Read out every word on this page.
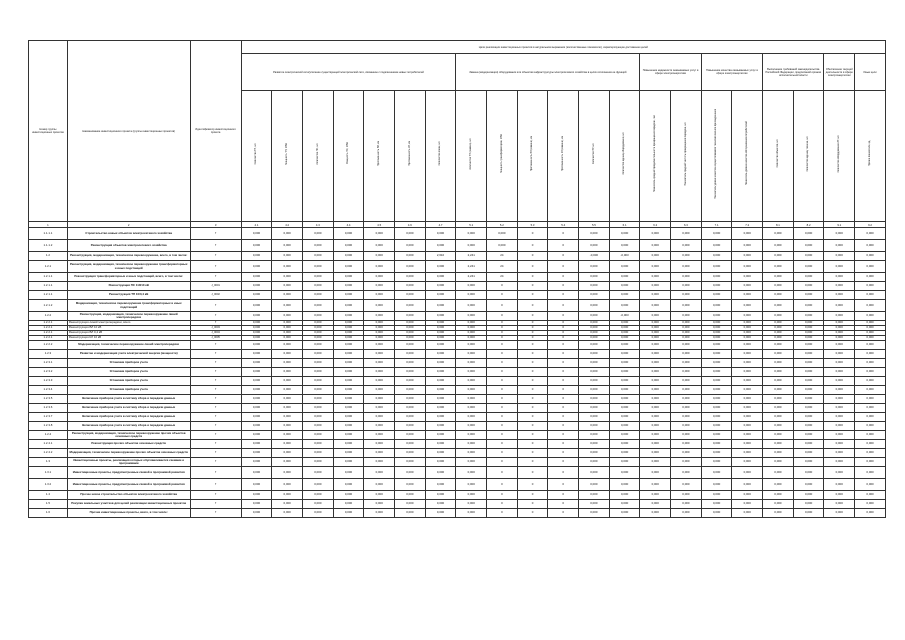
Номер группы инвестиционных проектов	Наименование инвестиционного проекта (группы инвестиционных проектов)	Идентификатор инвестиционного проекта	Цели реализации инвестиционных проектов в натуральном выражении (количественные показатели), характеризующие достижение целей																				
			Развитие электрической сети/усиление существующей электрической сети, связанное с подключением новых потребителей							Замена (модернизация) оборудования или объектов инфраструктуры электросетевого хозяйства в целях исполнения ее функций						Повышение надежности оказываемых услуг в сфере электроэнергетики		Повышение качества оказываемых услуг в сфере электроэнергетики		Выполнение требований законодательства Российской Федерации, предписаний органов исполнительной власти		Обеспечение текущей деятельности в сфере электроэнергетики	Иные цели
			Количество ТП, шт.	Мощность ТП, МВА	Количество ПС, шт.	Мощность ПС, МВА	Протяженность ВЛ, км	Протяженность КЛ, км	Количество ячеек, шт.	Количество ТП (замена), шт.	Мощность трансформаторов, МВА	Протяженность ВЛ (замена), км	Протяженность КЛ (замена), км	Количество ПУ, шт.	Количество единиц оборудования, шт.	Показатель средней продолжительности прекращения передачи, час	Показатель средней частоты прекращения передачи, шт.	Показатель уровня качества осуществляемого технологического присоединения	Показатель уровня качества обслуживания потребителей	Количество объектов, шт.	Количество единиц техники, шт.	Количество оборудования ИТ, шт.	Прочие показатели, ед.
1	2	3	4.1	4.2	4.3	4.4	4.5	4.6	4.7	5.1	5.2	5.3	5.4	5.5	6.1	6.2	6.3	7.1	7.2	8.1	8.2	9.1	9.2
1.1.1.1	Строительство новых объектов электросетевого хозяйства	Г	0,000	0,000	0,000	0,000	0,000	0,000	0,000	0,000	0,000	0	0	0,000	0,000	0,000	0,000	0,000	0,000	0,000	0,000	0,000	0,000
1.1.1.2	Реконструкция объектов электросетевого хозяйства	Г	0,000	0,000	0,000	0,000	0,000	0,000	0,000	0,000	0,000	0	0	0,000	0,000	0,000	0,000	0,000	0,000	0,000	0,000	0,000	0,000
1.2	Реконструкция, модернизация, техническое перевооружение, всего, в том числе:	Г	0,000	0,000	0,000	0,000	0,000	0,000	2,610	2,241	24	0	0	-0,000	-0,003	0,000	0,000	0,000	0,000	0,000	0,000	0,000	0,000
1.2.1	Реконструкция, модернизация, техническое перевооружение трансформаторных и иных подстанций	Г	0,000	0,000	0,000	0,000	0,000	0,000	0,000	2,241	24	0	0	0,000	0,000	0,000	0,000	0,000	0,000	0,000	0,000	0,000	0,000
1.2.1.1	Реконструкция трансформаторных и иных подстанций, всего, в том числе:	Г	0,000	0,000	0,000	0,000	0,000	0,000	0,000	2,241	24	0	0	0,000	0,000	0,000	0,000	0,000	0,000	0,000	0,000	0,000	0,000
1.2.1.1	Реконструкция ПС 110/10 кВ	J_0001	0,000	0,000	0,000	0,000	0,000	0,000	0,000	0,000	0	0	0	0,000	0,000	0,000	0,000	0,000	0,000	0,000	0,000	0,000	0,000
1.2.1.1	Реконструкция ТП 10/0,4 кВ	J_0002	0,000	0,000	0,000	0,000	0,000	0,000	0,000	0,000	0	0	0	0,000	0,000	0,000	0,000	0,000	0,000	0,000	0,000	0,000	0,000
1.2.1.2	Модернизация, техническое перевооружение трансформаторных и иных подстанций	Г	0,000	0,000	0,000	0,000	0,000	0,000	0,000	0,000	0	0	0	0,000	0,000	0,000	0,000	0,000	0,000	0,000	0,000	0,000	0,000
1.2.2	Реконструкция, модернизация, техническое перевооружение линий электропередачи	Г	0,000	0,000	0,000	0,000	0,000	0,000	0,000	0,000	0	0	0	0,000	-0,003	0,000	0,000	0,000	0,000	0,000	0,000	0,000	0,000
1.2.2.1	Реконструкция линий электропередачи, всего	Г	0,000	0,000	0,000	0,000	0,000	0,000	0,000	0,000	0	0	0	0,000	0,000	0,000	0,000	0,000	0,000	0,000	0,000	0,000	0,000
1.2.2.1	Реконструкция ВЛ 10 кВ	J_0003	0,000	0,000	0,000	0,000	0,000	0,000	0,000	0,000	0	0	0	0,000	0,000	0,000	0,000	0,000	0,000	0,000	0,000	0,000	0,000
1.2.2.1	Реконструкция ВЛ 0,4 кВ	J_0004	0,000	0,000	0,000	0,000	0,000	0,000	0,000	0,000	0	0	0	0,000	0,000	0,000	0,000	0,000	0,000	0,000	0,000	0,000	0,000
1.2.2.1	Реконструкция КЛ 10 кВ	J_0005	0,000	0,000	0,000	0,000	0,000	0,000	0,000	0,000	0	0	0	0,000	0,000	0,000	0,000	0,000	0,000	0,000	0,000	0,000	0,000
1.2.2.2	Модернизация, техническое перевооружение линий электропередачи	Г	0,000	0,000	0,000	0,000	0,000	0,000	0,000	0,000	0	0	0	0,000	0,000	0,000	0,000	0,000	0,000	0,000	0,000	0,000	0,000
1.2.3	Развитие и модернизация учета электрической энергии (мощности)	Г	0,000	0,000	0,000	0,000	0,000	0,000	0,000	0,000	0	0	0	0,000	0,000	0,000	0,000	0,000	0,000	0,000	0,000	0,000	0,000
1.2.3.1	Установка приборов учета	Г	0,000	0,000	0,000	0,000	0,000	0,000	0,000	0,000	0	0	0	0,000	0,000	0,000	0,000	0,000	0,000	0,000	0,000	0,000	0,000
1.2.3.2	Установка приборов учета	Г	0,000	0,000	0,000	0,000	0,000	0,000	0,000	0,000	0	0	0	0,000	0,000	0,000	0,000	0,000	0,000	0,000	0,000	0,000	0,000
1.2.3.3	Установка приборов учета	Г	0,000	0,000	0,000	0,000	0,000	0,000	0,000	0,000	0	0	0	0,000	0,000	0,000	0,000	0,000	0,000	0,000	0,000	0,000	0,000
1.2.3.4	Установка приборов учета	Г	0,000	0,000	0,000	0,000	0,000	0,000	0,000	0,000	0	0	0	0,000	0,000	0,000	0,000	0,000	0,000	0,000	0,000	0,000	0,000
1.2.3.5	Включение приборов учета в систему сбора и передачи данных	Г	0,000	0,000	0,000	0,000	0,000	0,000	0,000	0,000	0	0	0	0,000	0,000	0,000	0,000	0,000	0,000	0,000	0,000	0,000	0,000
1.2.3.6	Включение приборов учета в систему сбора и передачи данных	Г	0,000	0,000	0,000	0,000	0,000	0,000	0,000	0,000	0	0	0	0,000	0,000	0,000	0,000	0,000	0,000	0,000	0,000	0,000	0,000
1.2.3.7	Включение приборов учета в систему сбора и передачи данных	Г	0,000	0,000	0,000	0,000	0,000	0,000	0,000	0,000	0	0	0	0,000	0,000	0,000	0,000	0,000	0,000	0,000	0,000	0,000	0,000
1.2.3.8	Включение приборов учета в систему сбора и передачи данных	Г	0,000	0,000	0,000	0,000	0,000	0,000	0,000	0,000	0	0	0	0,000	0,000	0,000	0,000	0,000	0,000	0,000	0,000	0,000	0,000
1.2.4	Реконструкция, модернизация, техническое перевооружение прочих объектов основных средств	Г	0,000	0,000	0,000	0,000	0,000	0,000	0,000	0,000	0	0	0	0,000	0,000	0,000	0,000	0,000	0,000	0,000	0,000	0,000	0,000
1.2.4.1	Реконструкция прочих объектов основных средств	Г	0,000	0,000	0,000	0,000	0,000	0,000	0,000	0,000	0	0	0	0,000	0,000	0,000	0,000	0,000	0,000	0,000	0,000	0,000	0,000
1.2.4.2	Модернизация, техническое перевооружение прочих объектов основных средств	Г	0,000	0,000	0,000	0,000	0,000	0,000	0,000	0,000	0	0	0	0,000	0,000	0,000	0,000	0,000	0,000	0,000	0,000	0,000	0,000
1.3	Инвестиционные проекты, реализация которых обуславливается схемами и программами	Г	0,000	0,000	0,000	0,000	0,000	0,000	0,000	0,000	0	0	0	0,000	0,000	0,000	0,000	0,000	0,000	0,000	0,000	0,000	0,000
1.3.1	Инвестиционные проекты, предусмотренные схемой и программой развития	Г	0,000	0,000	0,000	0,000	0,000	0,000	0,000	0,000	0	0	0	0,000	0,000	0,000	0,000	0,000	0,000	0,000	0,000	0,000	0,000
1.3.2	Инвестиционные проекты, предусмотренные схемой и программой развития	Г	0,000	0,000	0,000	0,000	0,000	0,000	0,000	0,000	0	0	0	0,000	0,000	0,000	0,000	0,000	0,000	0,000	0,000	0,000	0,000
1.4	Прочее новое строительство объектов электросетевого хозяйства	Г	0,000	0,000	0,000	0,000	0,000	0,000	0,000	0,000	0	0	0	0,000	0,000	0,000	0,000	0,000	0,000	0,000	0,000	0,000	0,000
1.5	Покупка земельных участков для целей реализации инвестиционных проектов	Г	0,000	0,000	0,000	0,000	0,000	0,000	0,000	0,000	0	0	0	0,000	0,000	0,000	0,000	0,000	0,000	0,000	0,000	0,000	0,000
1.6	Прочие инвестиционные проекты, всего, в том числе:	Г	0,000	0,000	0,000	0,000	0,000	0,000	0,000	0,000	0	0	0	0,000	0,000	0,000	0,000	0,000	0,000	0,000	0,000	0,000	0,000
